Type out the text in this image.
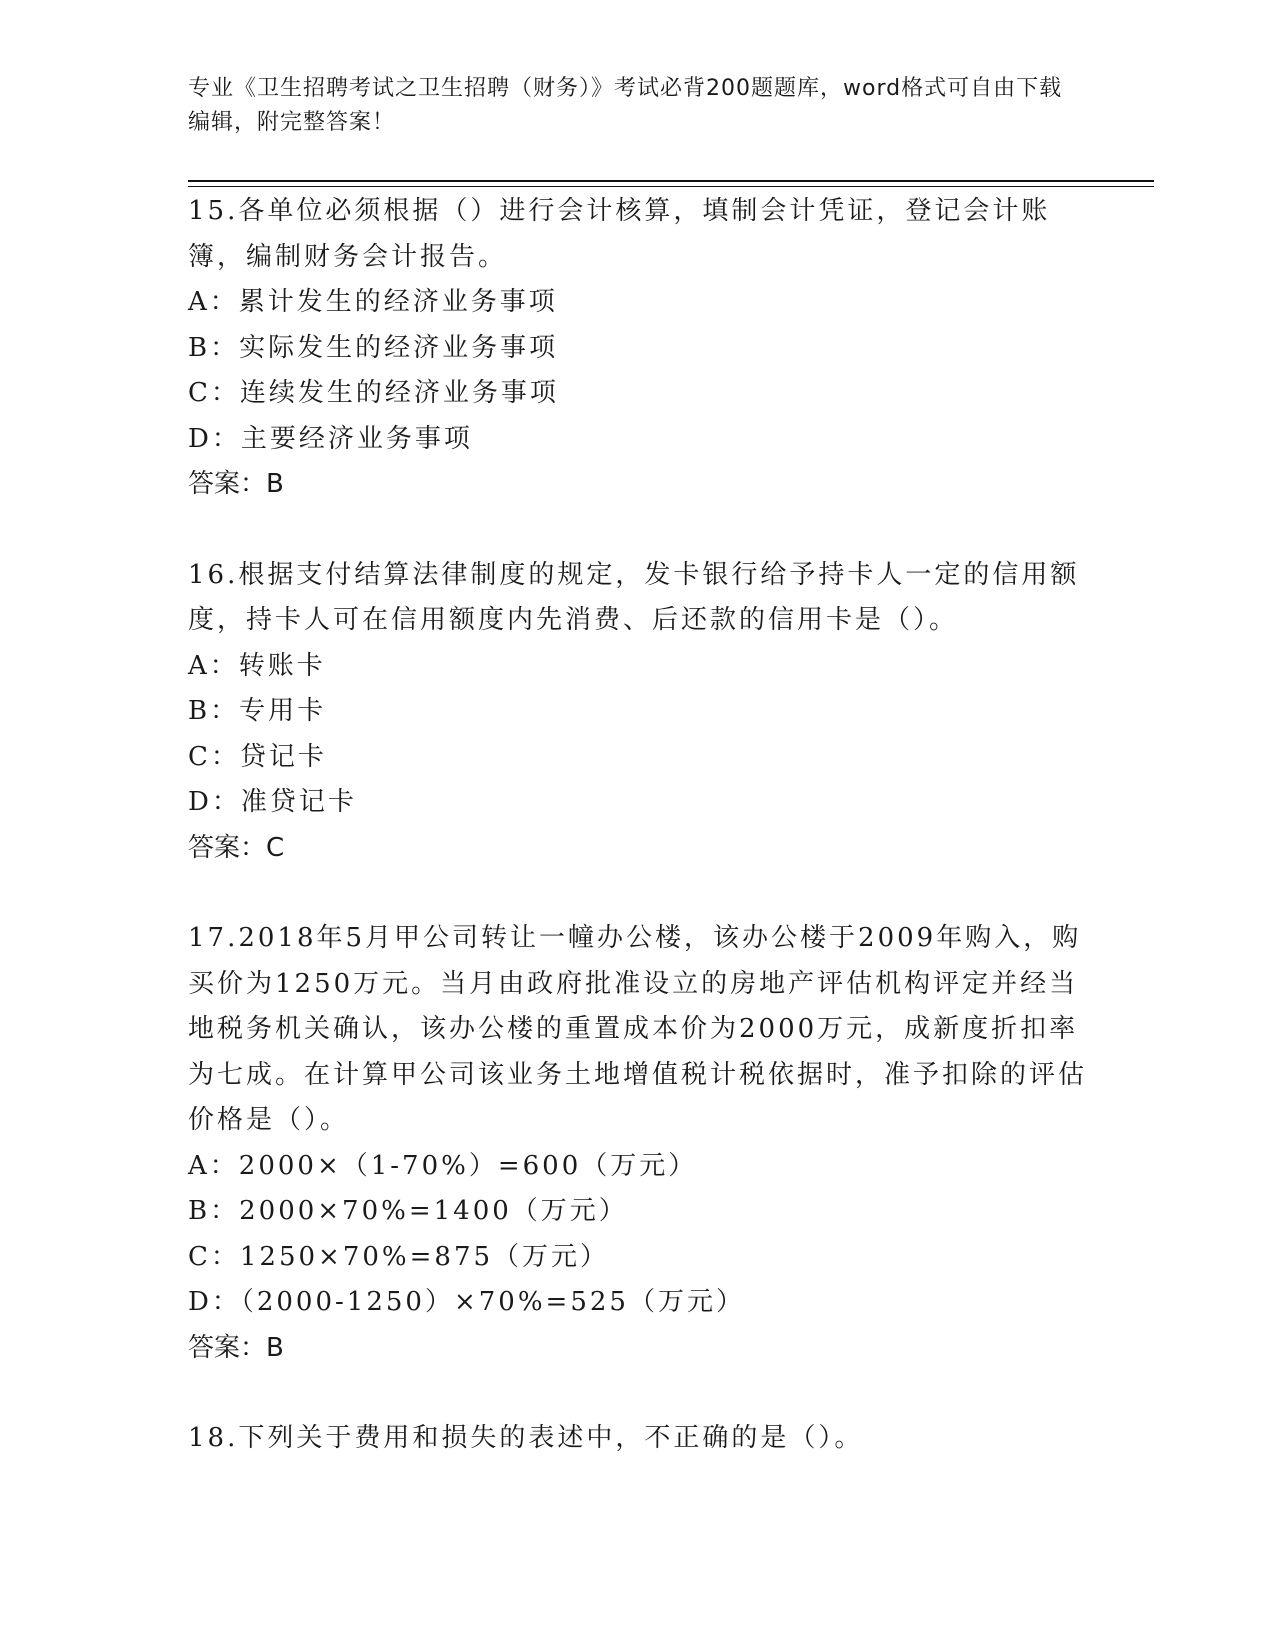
专业《卫生招聘考试之卫生招聘（财务）》考试必背200题题库，word格式可自由下载编辑，附完整答案！

15.各单位必须根据（）进行会计核算，填制会计凭证，登记会计账簿，编制财务会计报告。

A：累计发生的经济业务事项

B：实际发生的经济业务事项

C：连续发生的经济业务事项

D：主要经济业务事项

答案：B

16.根据支付结算法律制度的规定，发卡银行给予持卡人一定的信用额度，持卡人可在信用额度内先消费、后还款的信用卡是（）。

A：转账卡

B：专用卡

C：贷记卡

D：准贷记卡

答案：C

17.2018年5月甲公司转让一幢办公楼，该办公楼于2009年购入，购买价为1250万元。当月由政府批准设立的房地产评估机构评定并经当地税务机关确认，该办公楼的重置成本价为2000万元，成新度折扣率为七成。在计算甲公司该业务土地增值税计税依据时，准予扣除的评估价格是（）。

A：2000×（1-70%）=600（万元）

B：2000×70%=1400（万元）

C：1250×70%=875（万元）

D：（2000-1250）×70%=525（万元）

答案：B

18.下列关于费用和损失的表述中，不正确的是（）。
